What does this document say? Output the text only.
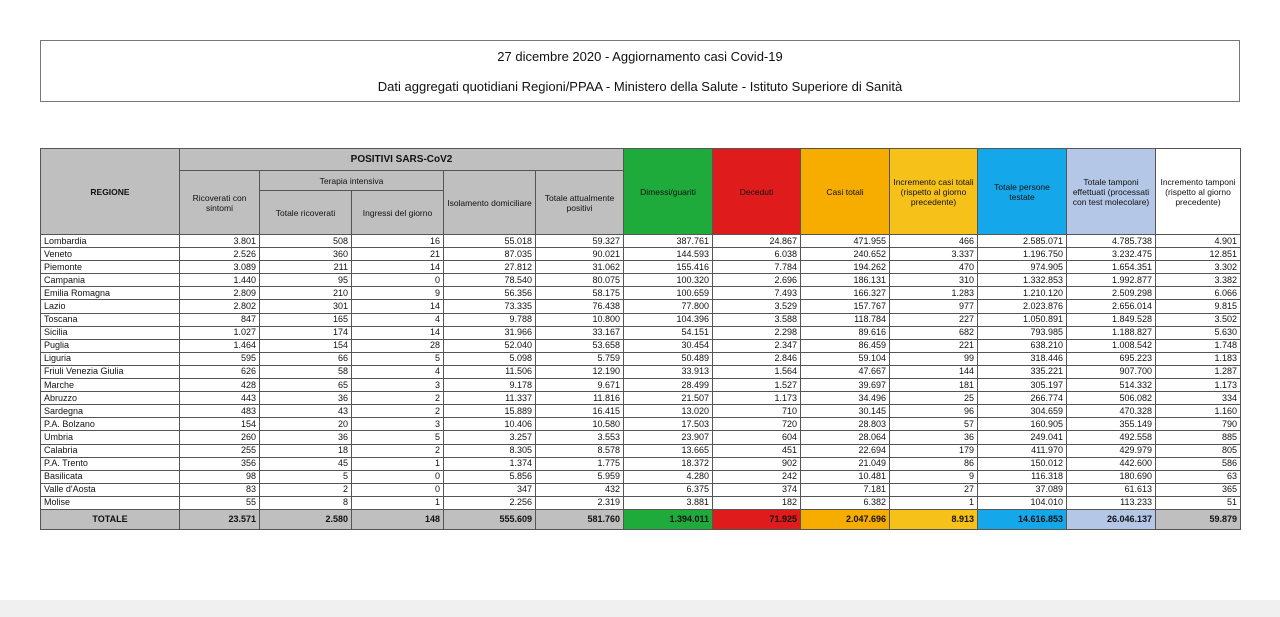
27 dicembre 2020 - Aggiornamento casi Covid-19
Dati aggregati quotidiani Regioni/PPAA - Ministero della Salute - Istituto Superiore di Sanità
REGIONE	POSITIVI SARS-CoV2					Dimessi/guariti	Deceduti	Casi totali	Incremento casi totali (rispetto al giorno precedente)	Totale persone testate	Totale tamponi effettuati (processati con test molecolare)	Incremento tamponi (rispetto al giorno precedente)
	Ricoverati con sintomi	Terapia intensiva		Isolamento domiciliare	Totale attualmente positivi							
		Totale ricoverati	Ingressi del giorno									
Lombardia	3.801	508	16	55.018	59.327	387.761	24.867	471.955	466	2.585.071	4.785.738	4.901
Veneto	2.526	360	21	87.035	90.021	144.593	6.038	240.652	3.337	1.196.750	3.232.475	12.851
Piemonte	3.089	211	14	27.812	31.062	155.416	7.784	194.262	470	974.905	1.654.351	3.302
Campania	1.440	95	0	78.540	80.075	100.320	2.696	186.131	310	1.332.853	1.992.877	3.382
Emilia Romagna	2.809	210	9	56.356	58.175	100.659	7.493	166.327	1.283	1.210.120	2.509.298	6.066
Lazio	2.802	301	14	73.335	76.438	77.800	3.529	157.767	977	2.023.876	2.656.014	9.815
Toscana	847	165	4	9.788	10.800	104.396	3.588	118.784	227	1.050.891	1.849.528	3.502
Sicilia	1.027	174	14	31.966	33.167	54.151	2.298	89.616	682	793.985	1.188.827	5.630
Puglia	1.464	154	28	52.040	53.658	30.454	2.347	86.459	221	638.210	1.008.542	1.748
Liguria	595	66	5	5.098	5.759	50.489	2.846	59.104	99	318.446	695.223	1.183
Friuli Venezia Giulia	626	58	4	11.506	12.190	33.913	1.564	47.667	144	335.221	907.700	1.287
Marche	428	65	3	9.178	9.671	28.499	1.527	39.697	181	305.197	514.332	1.173
Abruzzo	443	36	2	11.337	11.816	21.507	1.173	34.496	25	266.774	506.082	334
Sardegna	483	43	2	15.889	16.415	13.020	710	30.145	96	304.659	470.328	1.160
P.A. Bolzano	154	20	3	10.406	10.580	17.503	720	28.803	57	160.905	355.149	790
Umbria	260	36	5	3.257	3.553	23.907	604	28.064	36	249.041	492.558	885
Calabria	255	18	2	8.305	8.578	13.665	451	22.694	179	411.970	429.979	805
P.A. Trento	356	45	1	1.374	1.775	18.372	902	21.049	86	150.012	442.600	586
Basilicata	98	5	0	5.856	5.959	4.280	242	10.481	9	116.318	180.690	63
Valle d'Aosta	83	2	0	347	432	6.375	374	7.181	27	37.089	61.613	365
Molise	55	8	1	2.256	2.319	3.881	182	6.382	1	104.010	113.233	51
TOTALE	23.571	2.580	148	555.609	581.760	1.394.011	71.925	2.047.696	8.913	14.616.853	26.046.137	59.879
